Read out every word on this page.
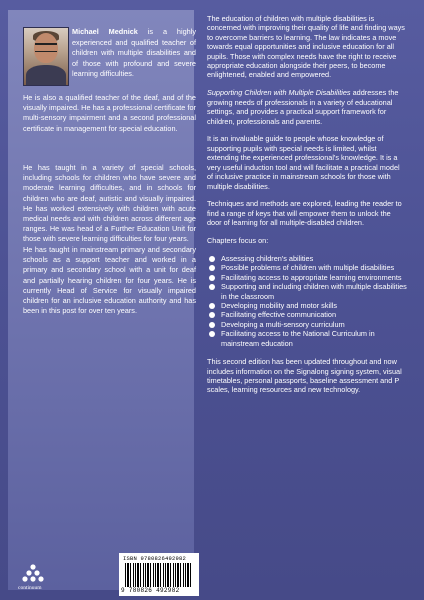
Michael Mednick is a highly experienced and qualified teacher of children with multiple disabilities and of those with profound and severe learning difficulties.

He is also a qualified teacher of the deaf, and of the visually impaired. He has a professional certificate for multi-sensory impairment and a second professional certificate in management for special education.

He has taught in a variety of special schools, including schools for children who have severe and moderate learning difficulties, and in schools for children who are deaf, autistic and visually impaired. He has worked extensively with children with acute medical needs and with children across different age ranges. He was head of a Further Education Unit for those with severe learning difficulties for four years.

He has taught in mainstream primary and secondary schools as a support teacher and worked in a primary and secondary school with a unit for deaf and partially hearing children for four years. He is currently Head of Service for visually impaired children for an inclusive education authority and has been in this post for over ten years.

continuum
ISBN 9780826492982
9 780826 492982

The education of children with multiple disabilities is concerned with improving their quality of life and finding ways to overcome barriers to learning. The law indicates a move towards equal opportunities and inclusive education for all pupils. Those with complex needs have the right to receive appropriate education alongside their peers, to become enlightened, enabled and empowered.

Supporting Children with Multiple Disabilities addresses the growing needs of professionals in a variety of educational settings, and provides a practical support framework for children, professionals and parents.

It is an invaluable guide to people whose knowledge of supporting pupils with special needs is limited, whilst extending the experienced professional's knowledge. It is a very useful induction tool and will facilitate a practical model of inclusive practice in mainstream schools for those with multiple disabilities.

Techniques and methods are explored, leading the reader to find a range of keys that will empower them to unlock the door of learning for all multiple-disabled children.

Chapters focus on:

Assessing children's abilities
Possible problems of children with multiple disabilities
Facilitating access to appropriate learning environments
Supporting and including children with multiple disabilities in the classroom
Developing mobility and motor skills
Facilitating effective communication
Developing a multi-sensory curriculum
Facilitating access to the National Curriculum in mainstream education

This second edition has been updated throughout and now includes information on the Signalong signing system, visual timetables, personal passports, baseline assessment and P scales, learning resources and new technology.
